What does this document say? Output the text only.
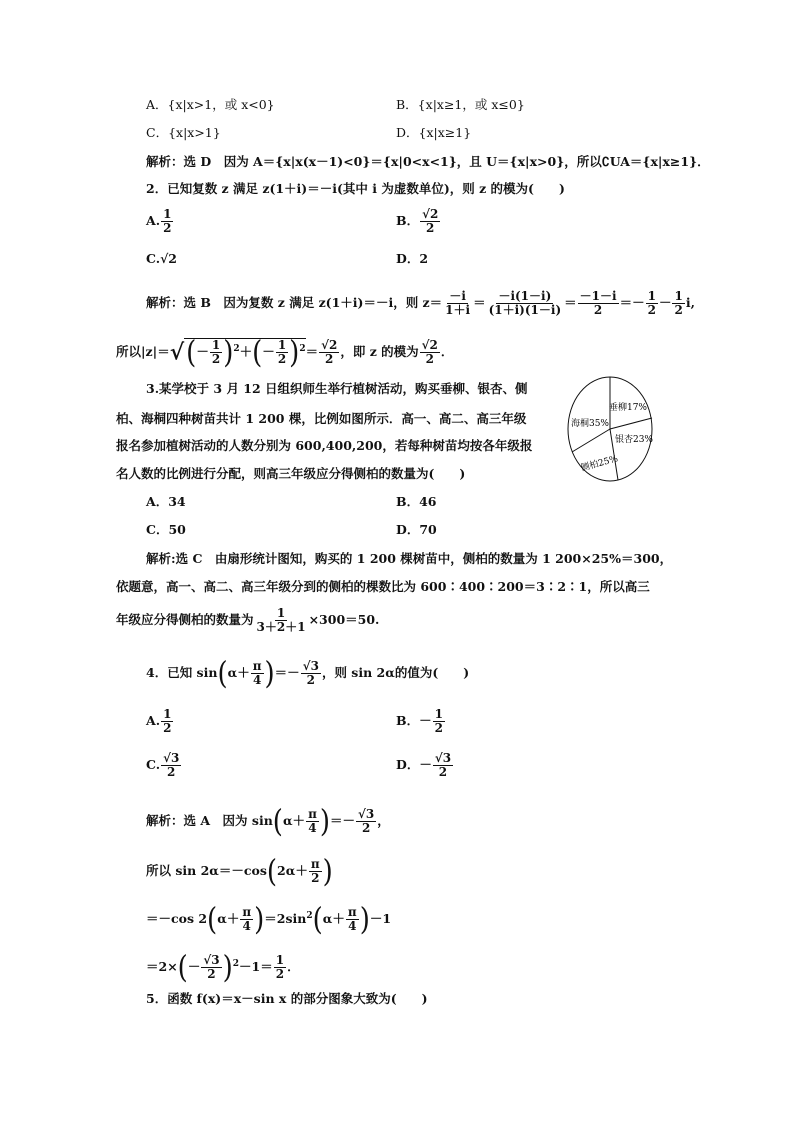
A．{x|x>1，或 x<0}	B．{x|x≥1，或 x≤0}
C．{x|x>1}	D．{x|x≥1}
解析：选 D　因为 A＝{x|x(x－1)<0}＝{x|0<x<1}，且 U＝{x|x>0}，所以∁UA＝{x|x≥1}．
2．已知复数 z 满足 z(1＋i)＝－i(其中 i 为虚数单位)，则 z 的模为(　　)
A. $\frac{1}{2}$	B． $\frac{√2}{2}$
C.√2	D．2
解析：选 B　因为复数 z 满足 z(1＋i)＝－i，则 $z= \frac{-i}{1+i} = \frac{-i(1-i)}{(1+i)(1-i)} = \frac{-1-i}{2} =- \frac{1}{2} - \frac{1}{2} i$,
所以$|z|=√(- \frac{1}{2} )^2+(- \frac{1}{2} )^2= \frac{√2}{2}$ ，即 z 的模为 $\frac{√2}{2}$ ．
3.某学校于 3 月 12 日组织师生举行植树活动，购买垂柳、银杏、侧
柏、海桐四种树苗共计 1 200 棵，比例如图所示．高一、高二、高三年级
报名参加植树活动的人数分别为 600,400,200，若每种树苗均按各年级报
名人数的比例进行分配，则高三年级应分得侧柏的数量为(　　)
垂柳17%
银杏23%
侧柏25%
海桐35%
A．34	B．46
C．50	D．70
解析:选 C　由扇形统计图知，购买的 1 200 棵树苗中，侧柏的数量为 1 200×25%＝300，
依题意，高一、高二、高三年级分到的侧柏的棵数比为 600∶400∶200＝3∶2∶1，所以高三
年级应分得侧柏的数量为 $\frac{1}{3+2+1} \times 300=50$.
4．已知 $\sin(\alpha+ \frac{\pi}{4}$ )＝－ $\frac{√3}{2}$ ，则 sin 2α的值为(　　)
A. $\frac{1}{2}$	B．－ $\frac{1}{2}$
C. $\frac{√3}{2}$	D．－ $\frac{√3}{2}$
解析：选 A　因为 $\sin(\alpha+ \frac{\pi}{4}$ )＝－ $\frac{√3}{2}$ ，
所以 $\sin 2\alpha=-\cos(2\alpha+ \frac{\pi}{2}$ )
＝－cos $2(\alpha+ \frac{\pi}{4} )=2\sin^2(\alpha+ \frac{\pi}{4} )-1$
$=2\times(- \frac{√3}{2} )^2-1= \frac{1}{2}$ ．
5．函数 f(x)＝x－sin x 的部分图象大致为(　　)
